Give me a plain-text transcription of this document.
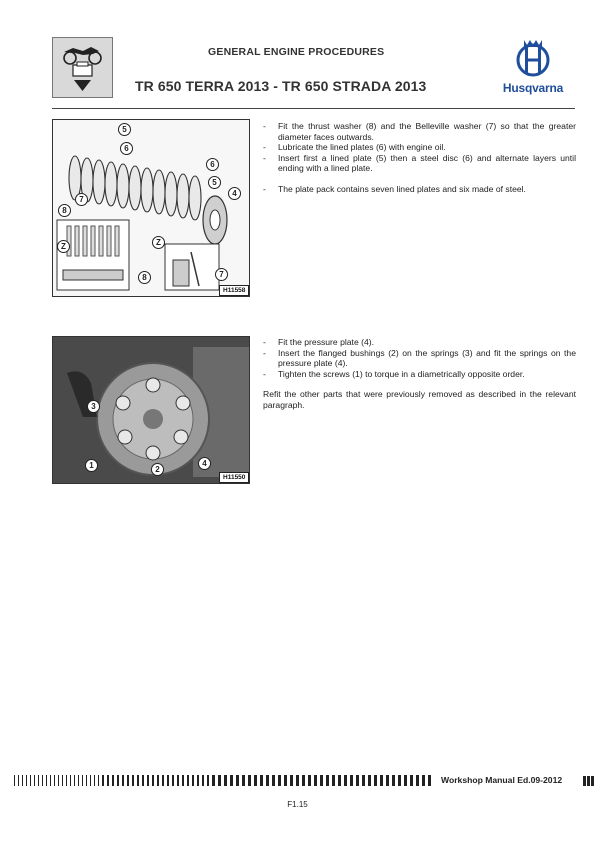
GENERAL ENGINE PROCEDURES
TR 650 TERRA 2013 - TR 650 STRADA 2013	Husqvarna
5
6
6
5
4
7
8
Z	Z
8	7
H11558
- Fit the thrust washer (8) and the Belleville washer (7) so that the greater diameter faces outwards.
- Lubricate the lined plates (6) with engine oil.
- Insert first a lined plate (5) then a steel disc (6) and alternate layers until ending with a lined plate.
- The plate pack contains seven lined plates and six made of steel.
3
1	2
4
H11550
- Fit the pressure plate (4).
- Insert the flanged bushings (2) on the springs (3) and fit the springs on the pressure plate (4).
- Tighten the screws (1) to torque in a diametrically opposite order.

Refit the other parts that were previously removed as described in the relevant paragraph.

Workshop Manual Ed.09-2012
F1.15
